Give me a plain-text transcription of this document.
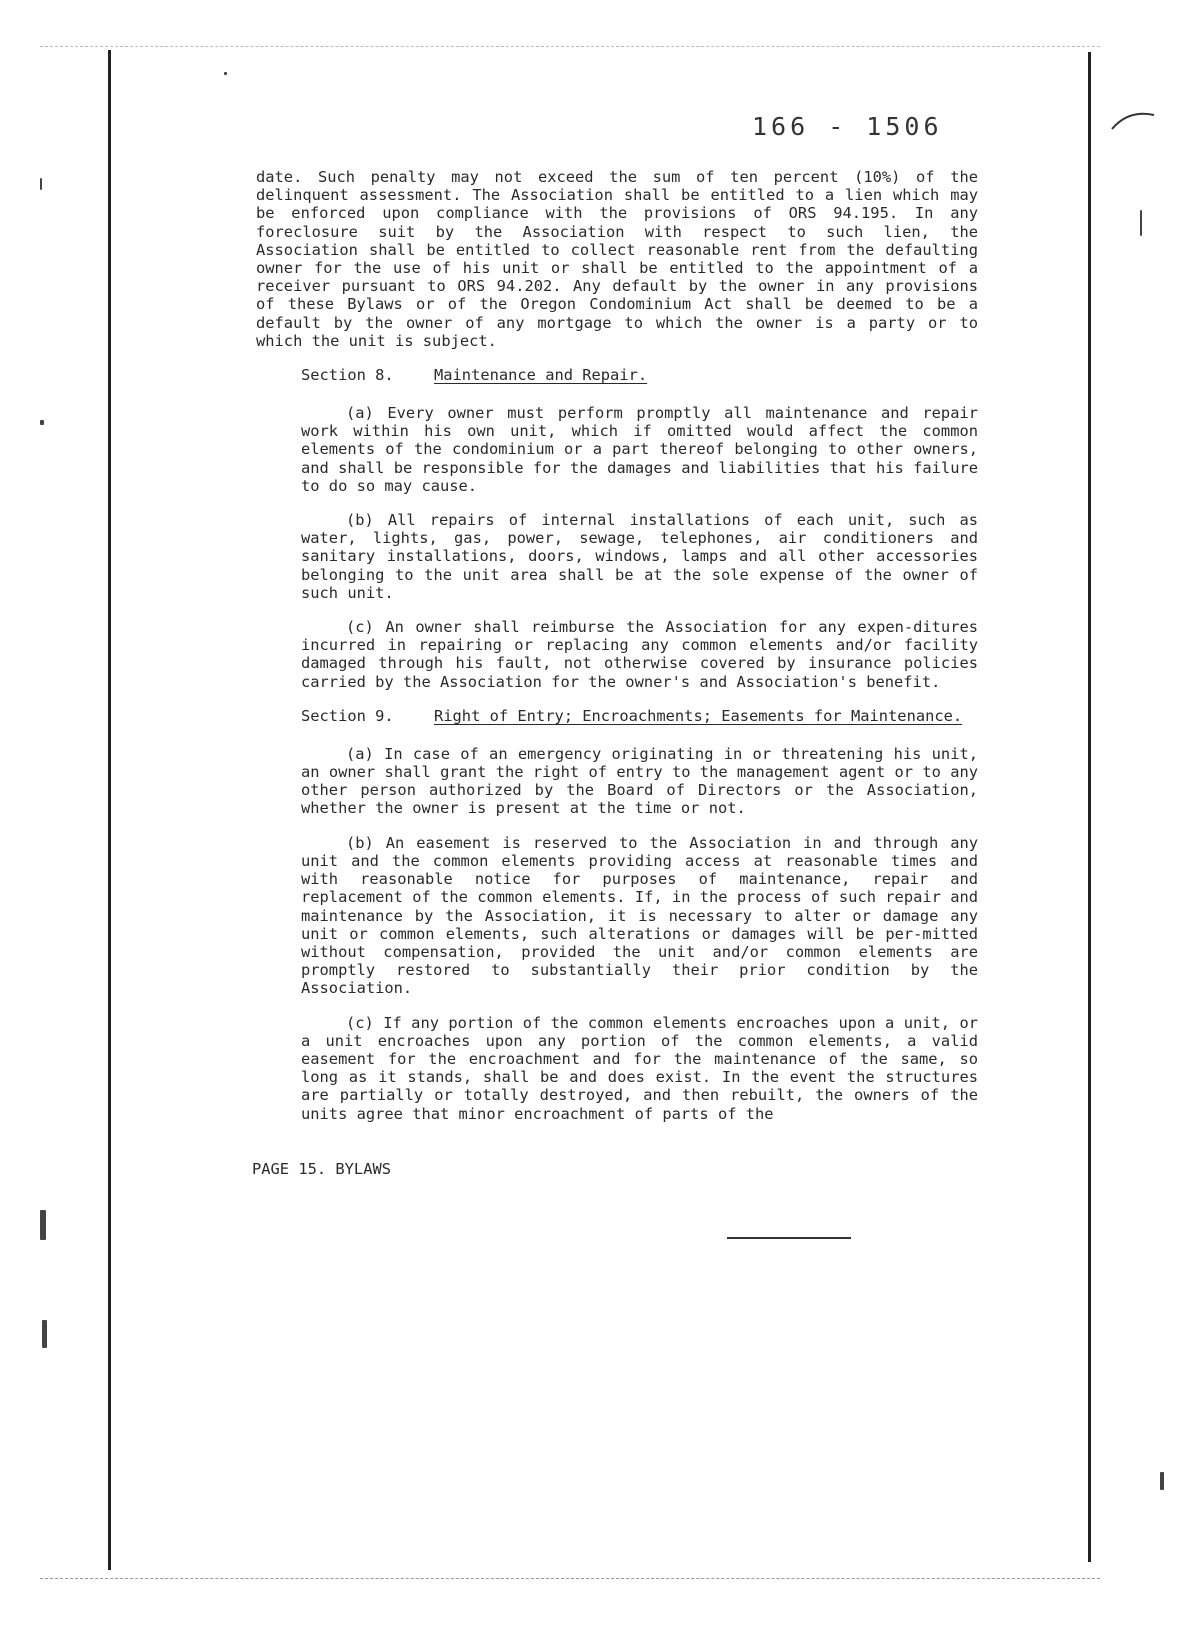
166 - 1506

date. Such penalty may not exceed the sum of ten percent (10%) of the delinquent assessment. The Association shall be entitled to a lien which may be enforced upon compliance with the provisions of ORS 94.195. In any foreclosure suit by the Association with respect to such lien, the Association shall be entitled to collect reasonable rent from the defaulting owner for the use of his unit or shall be entitled to the appointment of a receiver pursuant to ORS 94.202. Any default by the owner in any provisions of these Bylaws or of the Oregon Condominium Act shall be deemed to be a default by the owner of any mortgage to which the owner is a party or to which the unit is subject.

Section 8.	Maintenance and Repair.

(a) Every owner must perform promptly all maintenance and repair work within his own unit, which if omitted would affect the common elements of the condominium or a part thereof belonging to other owners, and shall be responsible for the damages and liabilities that his failure to do so may cause.

(b) All repairs of internal installations of each unit, such as water, lights, gas, power, sewage, telephones, air conditioners and sanitary installations, doors, windows, lamps and all other accessories belonging to the unit area shall be at the sole expense of the owner of such unit.

(c) An owner shall reimburse the Association for any expen-ditures incurred in repairing or replacing any common elements and/or facility damaged through his fault, not otherwise covered by insurance policies carried by the Association for the owner's and Association's benefit.

Section 9.	Right of Entry; Encroachments; Easements for Maintenance.

(a) In case of an emergency originating in or threatening his unit, an owner shall grant the right of entry to the management agent or to any other person authorized by the Board of Directors or the Association, whether the owner is present at the time or not.

(b) An easement is reserved to the Association in and through any unit and the common elements providing access at reasonable times and with reasonable notice for purposes of maintenance, repair and replacement of the common elements. If, in the process of such repair and maintenance by the Association, it is necessary to alter or damage any unit or common elements, such alterations or damages will be per-mitted without compensation, provided the unit and/or common elements are promptly restored to substantially their prior condition by the Association.

(c) If any portion of the common elements encroaches upon a unit, or a unit encroaches upon any portion of the common elements, a valid easement for the encroachment and for the maintenance of the same, so long as it stands, shall be and does exist. In the event the structures are partially or totally destroyed, and then rebuilt, the owners of the units agree that minor encroachment of parts of the

PAGE 15. BYLAWS
